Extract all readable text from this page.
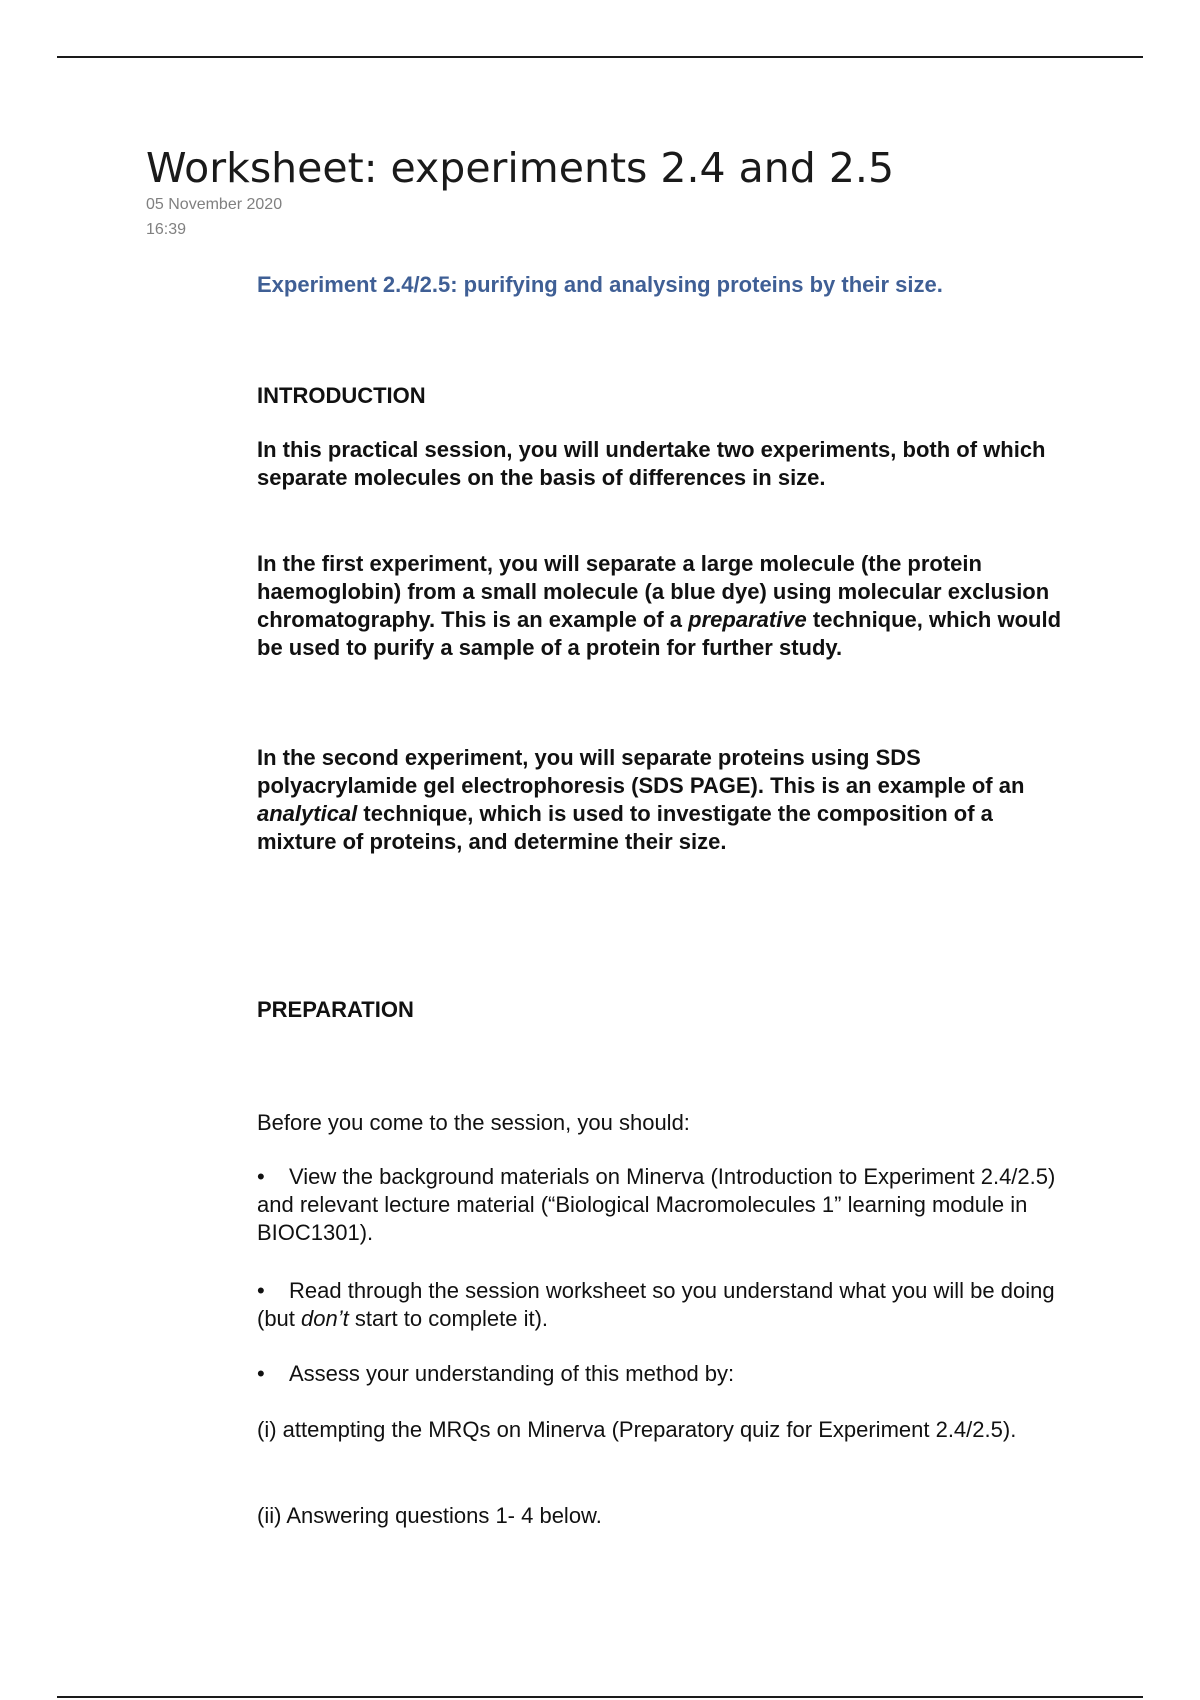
Worksheet: experiments 2.4 and 2.5
05 November 2020
16:39
Experiment 2.4/2.5: purifying and analysing proteins by their size.
INTRODUCTION

In this practical session, you will undertake two experiments, both of which separate molecules on the basis of differences in size.

In the first experiment, you will separate a large molecule (the protein haemoglobin) from a small molecule (a blue dye) using molecular exclusion chromatography. This is an example of a preparative technique, which would be used to purify a sample of a protein for further study.

In the second experiment, you will separate proteins using SDS polyacrylamide gel electrophoresis (SDS PAGE). This is an example of an analytical technique, which is used to investigate the composition of a mixture of proteins, and determine their size.

PREPARATION

Before you come to the session, you should:

• View the background materials on Minerva (Introduction to Experiment 2.4/2.5) and relevant lecture material (“Biological Macromolecules 1” learning module in BIOC1301).

• Read through the session worksheet so you understand what you will be doing (but don’t start to complete it).

• Assess your understanding of this method by:

(i) attempting the MRQs on Minerva (Preparatory quiz for Experiment 2.4/2.5).

(ii) Answering questions 1- 4 below.
